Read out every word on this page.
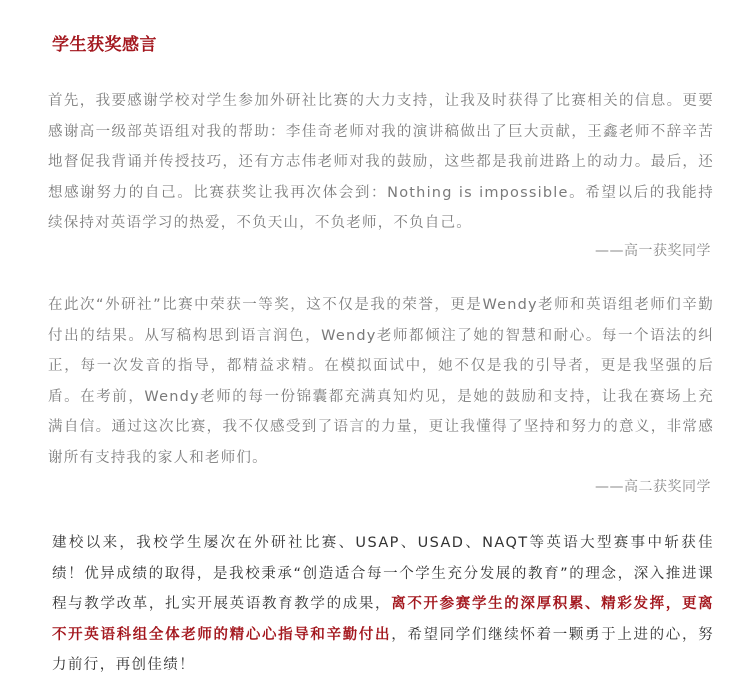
学生获奖感言

首先，我要感谢学校对学生参加外研社比赛的大力支持，让我及时获得了比赛相关的信息。更要感谢高一级部英语组对我的帮助：李佳奇老师对我的演讲稿做出了巨大贡献，王鑫老师不辞辛苦地督促我背诵并传授技巧，还有方志伟老师对我的鼓励，这些都是我前进路上的动力。最后，还想感谢努力的自己。比赛获奖让我再次体会到：Nothing is impossible。希望以后的我能持续保持对英语学习的热爱，不负天山，不负老师，不负自己。

——高一获奖同学

在此次“外研社”比赛中荣获一等奖，这不仅是我的荣誉，更是Wendy老师和英语组老师们辛勤付出的结果。从写稿构思到语言润色，Wendy老师都倾注了她的智慧和耐心。每一个语法的纠正，每一次发音的指导，都精益求精。在模拟面试中，她不仅是我的引导者，更是我坚强的后盾。在考前，Wendy老师的每一份锦囊都充满真知灼见，是她的鼓励和支持，让我在赛场上充满自信。通过这次比赛，我不仅感受到了语言的力量，更让我懂得了坚持和努力的意义，非常感谢所有支持我的家人和老师们。

——高二获奖同学

建校以来，我校学生屡次在外研社比赛、USAP、USAD、NAQT等英语大型赛事中斩获佳绩！优异成绩的取得，是我校秉承“创造适合每一个学生充分发展的教育”的理念，深入推进课程与教学改革，扎实开展英语教育教学的成果，离不开参赛学生的深厚积累、精彩发挥，更离不开英语科组全体老师的精心心指导和辛勤付出，希望同学们继续怀着一颗勇于上进的心，努力前行，再创佳绩！
